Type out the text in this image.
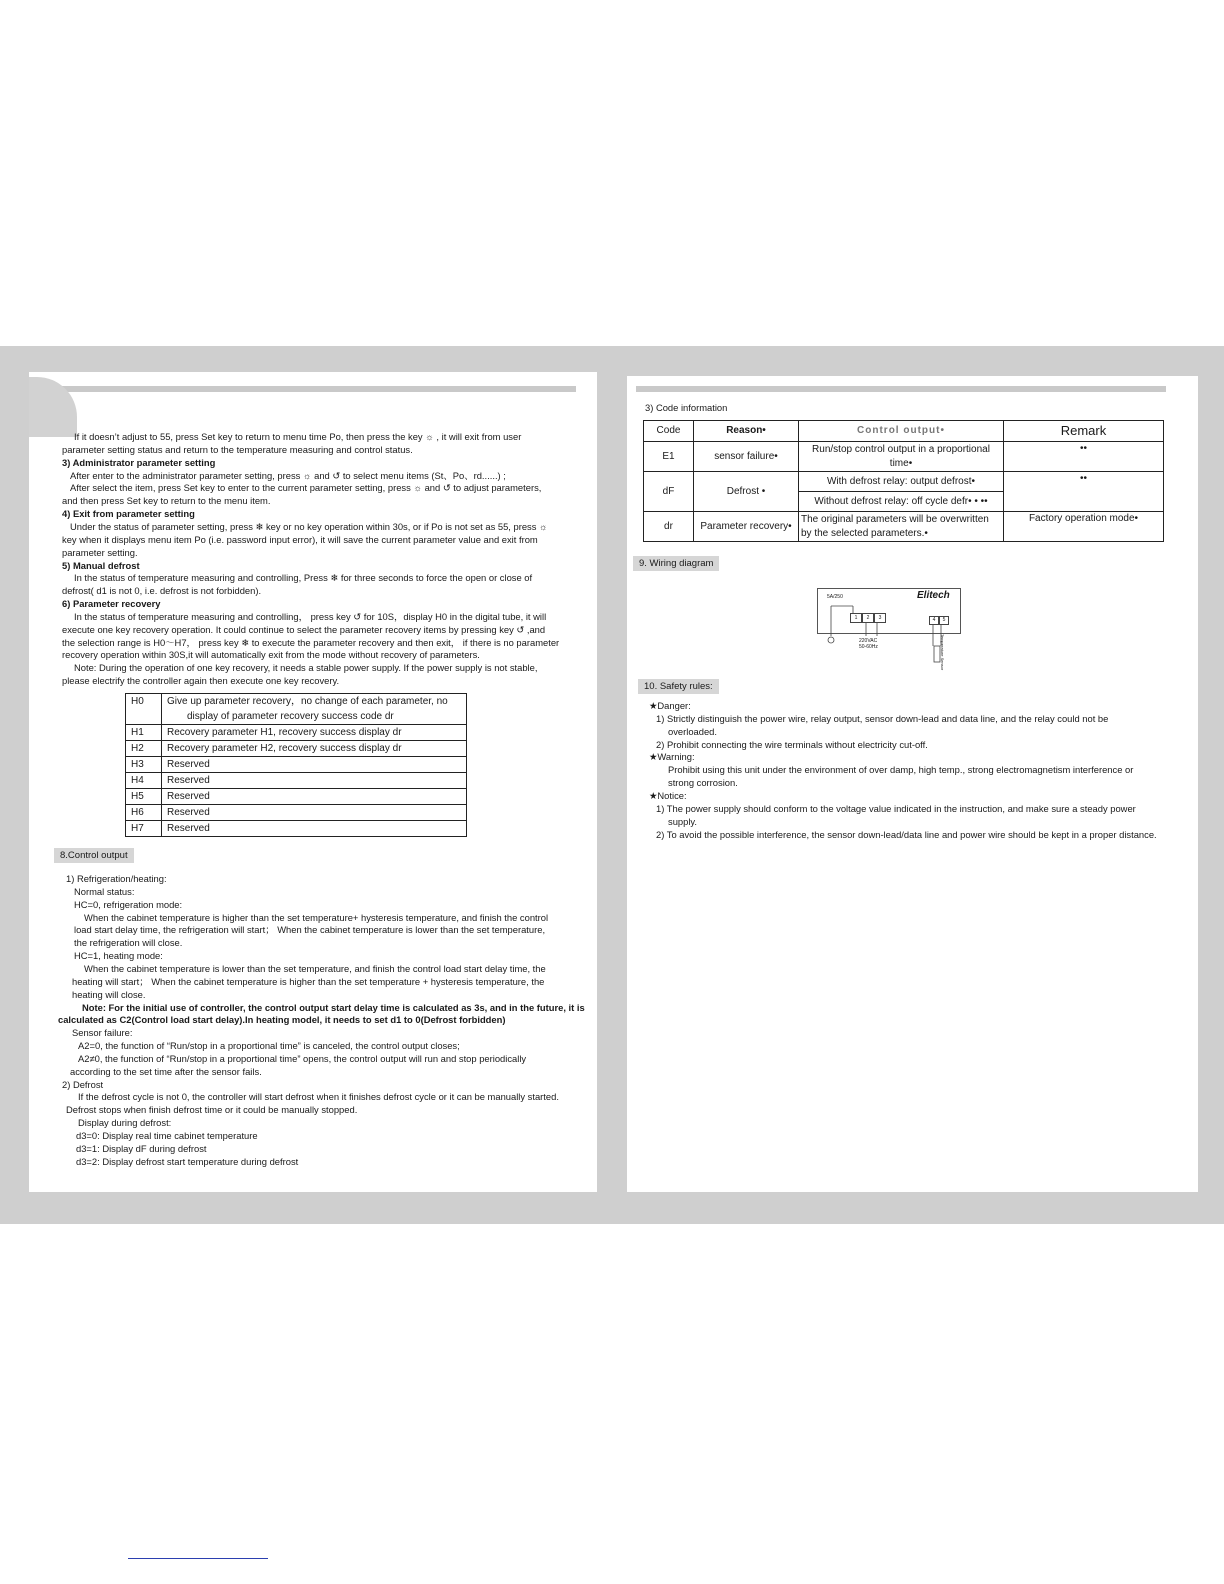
If it doesn’t adjust to 55, press Set key to return to menu time Po, then press the key ☼ , it will exit from user
parameter setting status and return to the temperature measuring and control status.
3) Administrator parameter setting
After enter to the administrator parameter setting, press ☼ and ↺ to select menu items (St、Po、rd......) ;
After select the item, press Set key to enter to the current parameter setting, press ☼ and ↺ to adjust parameters,
and then press Set key to return to the menu item.
4) Exit from parameter setting
Under the status of parameter setting, press ❄ key or no key operation within 30s, or if Po is not set as 55, press ☼
key when it displays menu item Po (i.e. password input error), it will save the current parameter value and exit from
parameter setting.
5) Manual defrost
In the status of temperature measuring and controlling, Press ❄ for three seconds to force the open or close of
defrost( d1 is not 0, i.e. defrost is not forbidden).
6) Parameter recovery
In the status of temperature measuring and controlling， press key ↺ for 10S，display H0 in the digital tube, it will
execute one key recovery operation. It could continue to select the parameter recovery items by pressing key ↺ ,and
the selection range is H0～H7， press key ❄ to execute the parameter recovery and then exit， if there is no parameter
recovery operation within 30S,it will automatically exit from the mode without recovery of parameters.
Note: During the operation of one key recovery, it needs a stable power supply. If the power supply is not stable,
please electrify the controller again then execute one key recovery.
H0	Give up parameter recovery，no change of each parameter, no
display of parameter recovery success code dr

H1	Recovery parameter H1, recovery success display dr
H2	Recovery parameter H2, recovery success display dr
H3	Reserved
H4	Reserved
H5	Reserved
H6	Reserved
H7	Reserved
8.Control output
1) Refrigeration/heating:
Normal status:
HC=0, refrigeration mode:
When the cabinet temperature is higher than the set temperature+ hysteresis temperature, and finish the control
load start delay time, the refrigeration will start； When the cabinet temperature is lower than the set temperature,
the refrigeration will close.
HC=1, heating mode:
When the cabinet temperature is lower than the set temperature, and finish the control load start delay time, the
heating will start； When the cabinet temperature is higher than the set temperature + hysteresis temperature, the
heating will close.
Note: For the initial use of controller, the control output start delay time is calculated as 3s, and in the future, it is
calculated as C2(Control load start delay).In heating model, it needs to set d1 to 0(Defrost forbidden)
Sensor failure:
A2=0, the function of “Run/stop in a proportional time” is canceled, the control output closes;
A2≠0, the function of “Run/stop in a proportional time” opens, the control output will run and stop periodically
according to the set time after the sensor fails.
2) Defrost
If the defrost cycle is not 0, the controller will start defrost when it finishes defrost cycle or it can be manually started.
Defrost stops when finish defrost time or it could be manually stopped.
Display during defrost:
d3=0: Display real time cabinet temperature
d3=1: Display dF during defrost
d3=2: Display defrost start temperature during defrost
3) Code information
Code	Reason•	Control output•	Remark
E1	sensor failure•	Run/stop control output in a proportional time•	••
dF	Defrost •	With defrost relay: output defrost•	••
		Without defrost relay: off cycle defr• • ••	
dr	Parameter recovery•	The original parameters will be overwritten by the selected parameters.•	Factory operation mode•
9. Wiring diagram
Elitech
5A/250
1	2	3	4	5
220VAC
50-60Hz	Temperature Sensor
10. Safety rules:
★Danger:
1) Strictly distinguish the power wire, relay output, sensor down-lead and data line, and the relay could not be
overloaded.
2) Prohibit connecting the wire terminals without electricity cut-off.
★Warning:
Prohibit using this unit under the environment of over damp, high temp., strong electromagnetism interference or
strong corrosion.
★Notice:
1) The power supply should conform to the voltage value indicated in the instruction, and make sure a steady power
supply.
2) To avoid the possible interference, the sensor down-lead/data line and power wire should be kept in a proper distance.
